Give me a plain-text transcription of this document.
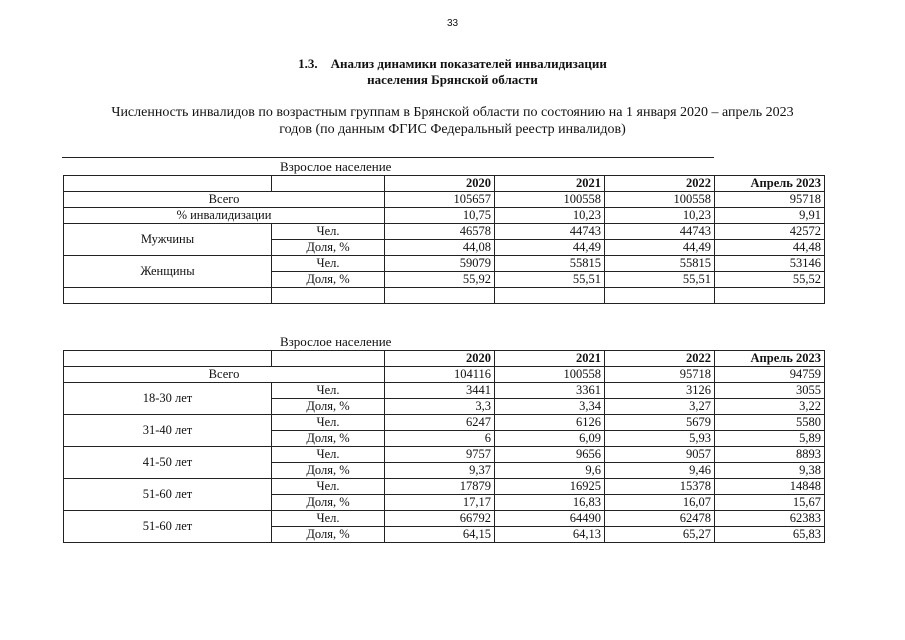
33
1.3.    Анализ динамики показателей инвалидизации
населения Брянской области
Численность инвалидов по возрастным группам в Брянской области по состоянию на 1 января 2020 – апрель 2023
годов (по данным ФГИС Федеральный реестр инвалидов)
Взрослое население
		2020	2021	2022	Апрель 2023
Всего		105657	100558	100558	95718
% инвалидизации		10,75	10,23	10,23	9,91
Мужчины	Чел.	46578	44743	44743	42572
	Доля, %	44,08	44,49	44,49	44,48
Женщины	Чел.	59079	55815	55815	53146
	Доля, %	55,92	55,51	55,51	55,52

Взрослое население
		2020	2021	2022	Апрель 2023
Всего		104116	100558	95718	94759
18-30 лет	Чел.	3441	3361	3126	3055
	Доля, %	3,3	3,34	3,27	3,22
31-40 лет	Чел.	6247	6126	5679	5580
	Доля, %	6	6,09	5,93	5,89
41-50 лет	Чел.	9757	9656	9057	8893
	Доля, %	9,37	9,6	9,46	9,38
51-60 лет	Чел.	17879	16925	15378	14848
	Доля, %	17,17	16,83	16,07	15,67
51-60 лет	Чел.	66792	64490	62478	62383
	Доля, %	64,15	64,13	65,27	65,83
